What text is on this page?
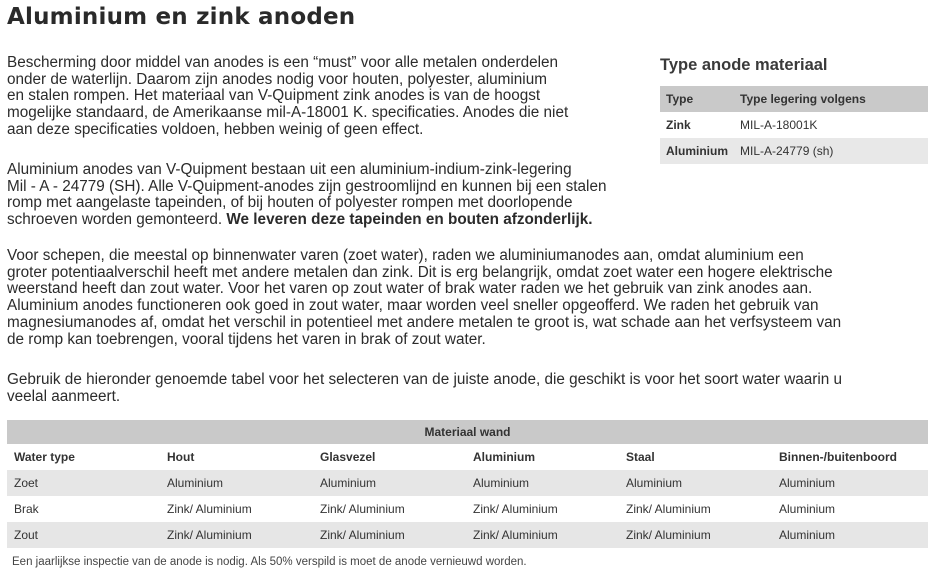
Aluminium en zink anoden

Bescherming door middel van anodes is een “must” voor alle metalen onderdelen
onder de waterlijn. Daarom zijn anodes nodig voor houten, polyester, aluminium
en stalen rompen. Het materiaal van V-Quipment zink anodes is van de hoogst
mogelijke standaard, de Amerikaanse mil-A-18001 K. specificaties. Anodes die niet
aan deze specificaties voldoen, hebben weinig of geen effect.

Aluminium anodes van V-Quipment bestaan uit een aluminium-indium-zink-legering
Mil - A - 24779 (SH). Alle V-Quipment-anodes zijn gestroomlijnd en kunnen bij een stalen
romp met aangelaste tapeinden, of bij houten of polyester rompen met doorlopende
schroeven worden gemonteerd. We leveren deze tapeinden en bouten afzonderlijk.

Voor schepen, die meestal op binnenwater varen (zoet water), raden we aluminiumanodes aan, omdat aluminium een
groter potentiaalverschil heeft met andere metalen dan zink. Dit is erg belangrijk, omdat zoet water een hogere elektrische
weerstand heeft dan zout water. Voor het varen op zout water of brak water raden we het gebruik van zink anodes aan.
Aluminium anodes functioneren ook goed in zout water, maar worden veel sneller opgeofferd. We raden het gebruik van
magnesiumanodes af, omdat het verschil in potentieel met andere metalen te groot is, wat schade aan het verfsysteem van
de romp kan toebrengen, vooral tijdens het varen in brak of zout water.

Gebruik de hieronder genoemde tabel voor het selecteren van de juiste anode, die geschikt is voor het soort water waarin u
veelal aanmeert.

Type anode materiaal
Type	Type legering volgens
Zink	MIL-A-18001K
Aluminium	MIL-A-24779 (sh)
Materiaal wand					
Water type	Hout	Glasvezel	Aluminium	Staal	Binnen-/buitenboord
Zoet	Aluminium	Aluminium	Aluminium	Aluminium	Aluminium
Brak	Zink/ Aluminium	Zink/ Aluminium	Zink/ Aluminium	Zink/ Aluminium	Aluminium
Zout	Zink/ Aluminium	Zink/ Aluminium	Zink/ Aluminium	Zink/ Aluminium	Aluminium

Een jaarlijkse inspectie van de anode is nodig. Als 50% verspild is moet de anode vernieuwd worden.
